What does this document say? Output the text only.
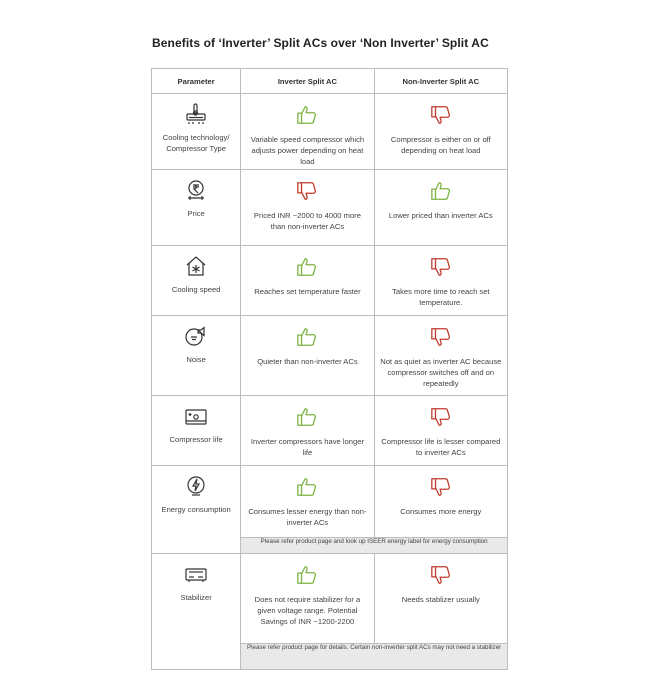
Benefits of ‘Inverter’ Split ACs over ‘Non Inverter’ Split AC
Parameter	Inverter Split AC	Non-Inverter Split AC

Cooling technology/ Compressor Type	Variable speed compressor which adjusts power depending on heat load	Compressor is either on or off depending on heat load

Price	Priced INR ~2000 to 4000 more than non-inverter ACs	Lower priced than inverter ACs

Cooling speed	Reaches set temperature faster	Takes more time to reach set temperature.

Noise	Quieter than non-inverter ACs	Not as quiet as inverter AC because compressor switches off and on repeatedly

Compressor life	Inverter compressors have longer life	Compressor life is lesser compared to inverter ACs

Energy consumption	Consumes lesser energy than non-inverter ACs	Consumes more energy

	Please refer product page and look up ISEER energy label for energy consumption	

Stabilizer	Does not require stabilizer for a given voltage range. Potential Savings of INR ~1200-2200	Needs stablizer usually

	Please refer product page for details. Certain non-inverter split ACs may not need a stabilizer	
